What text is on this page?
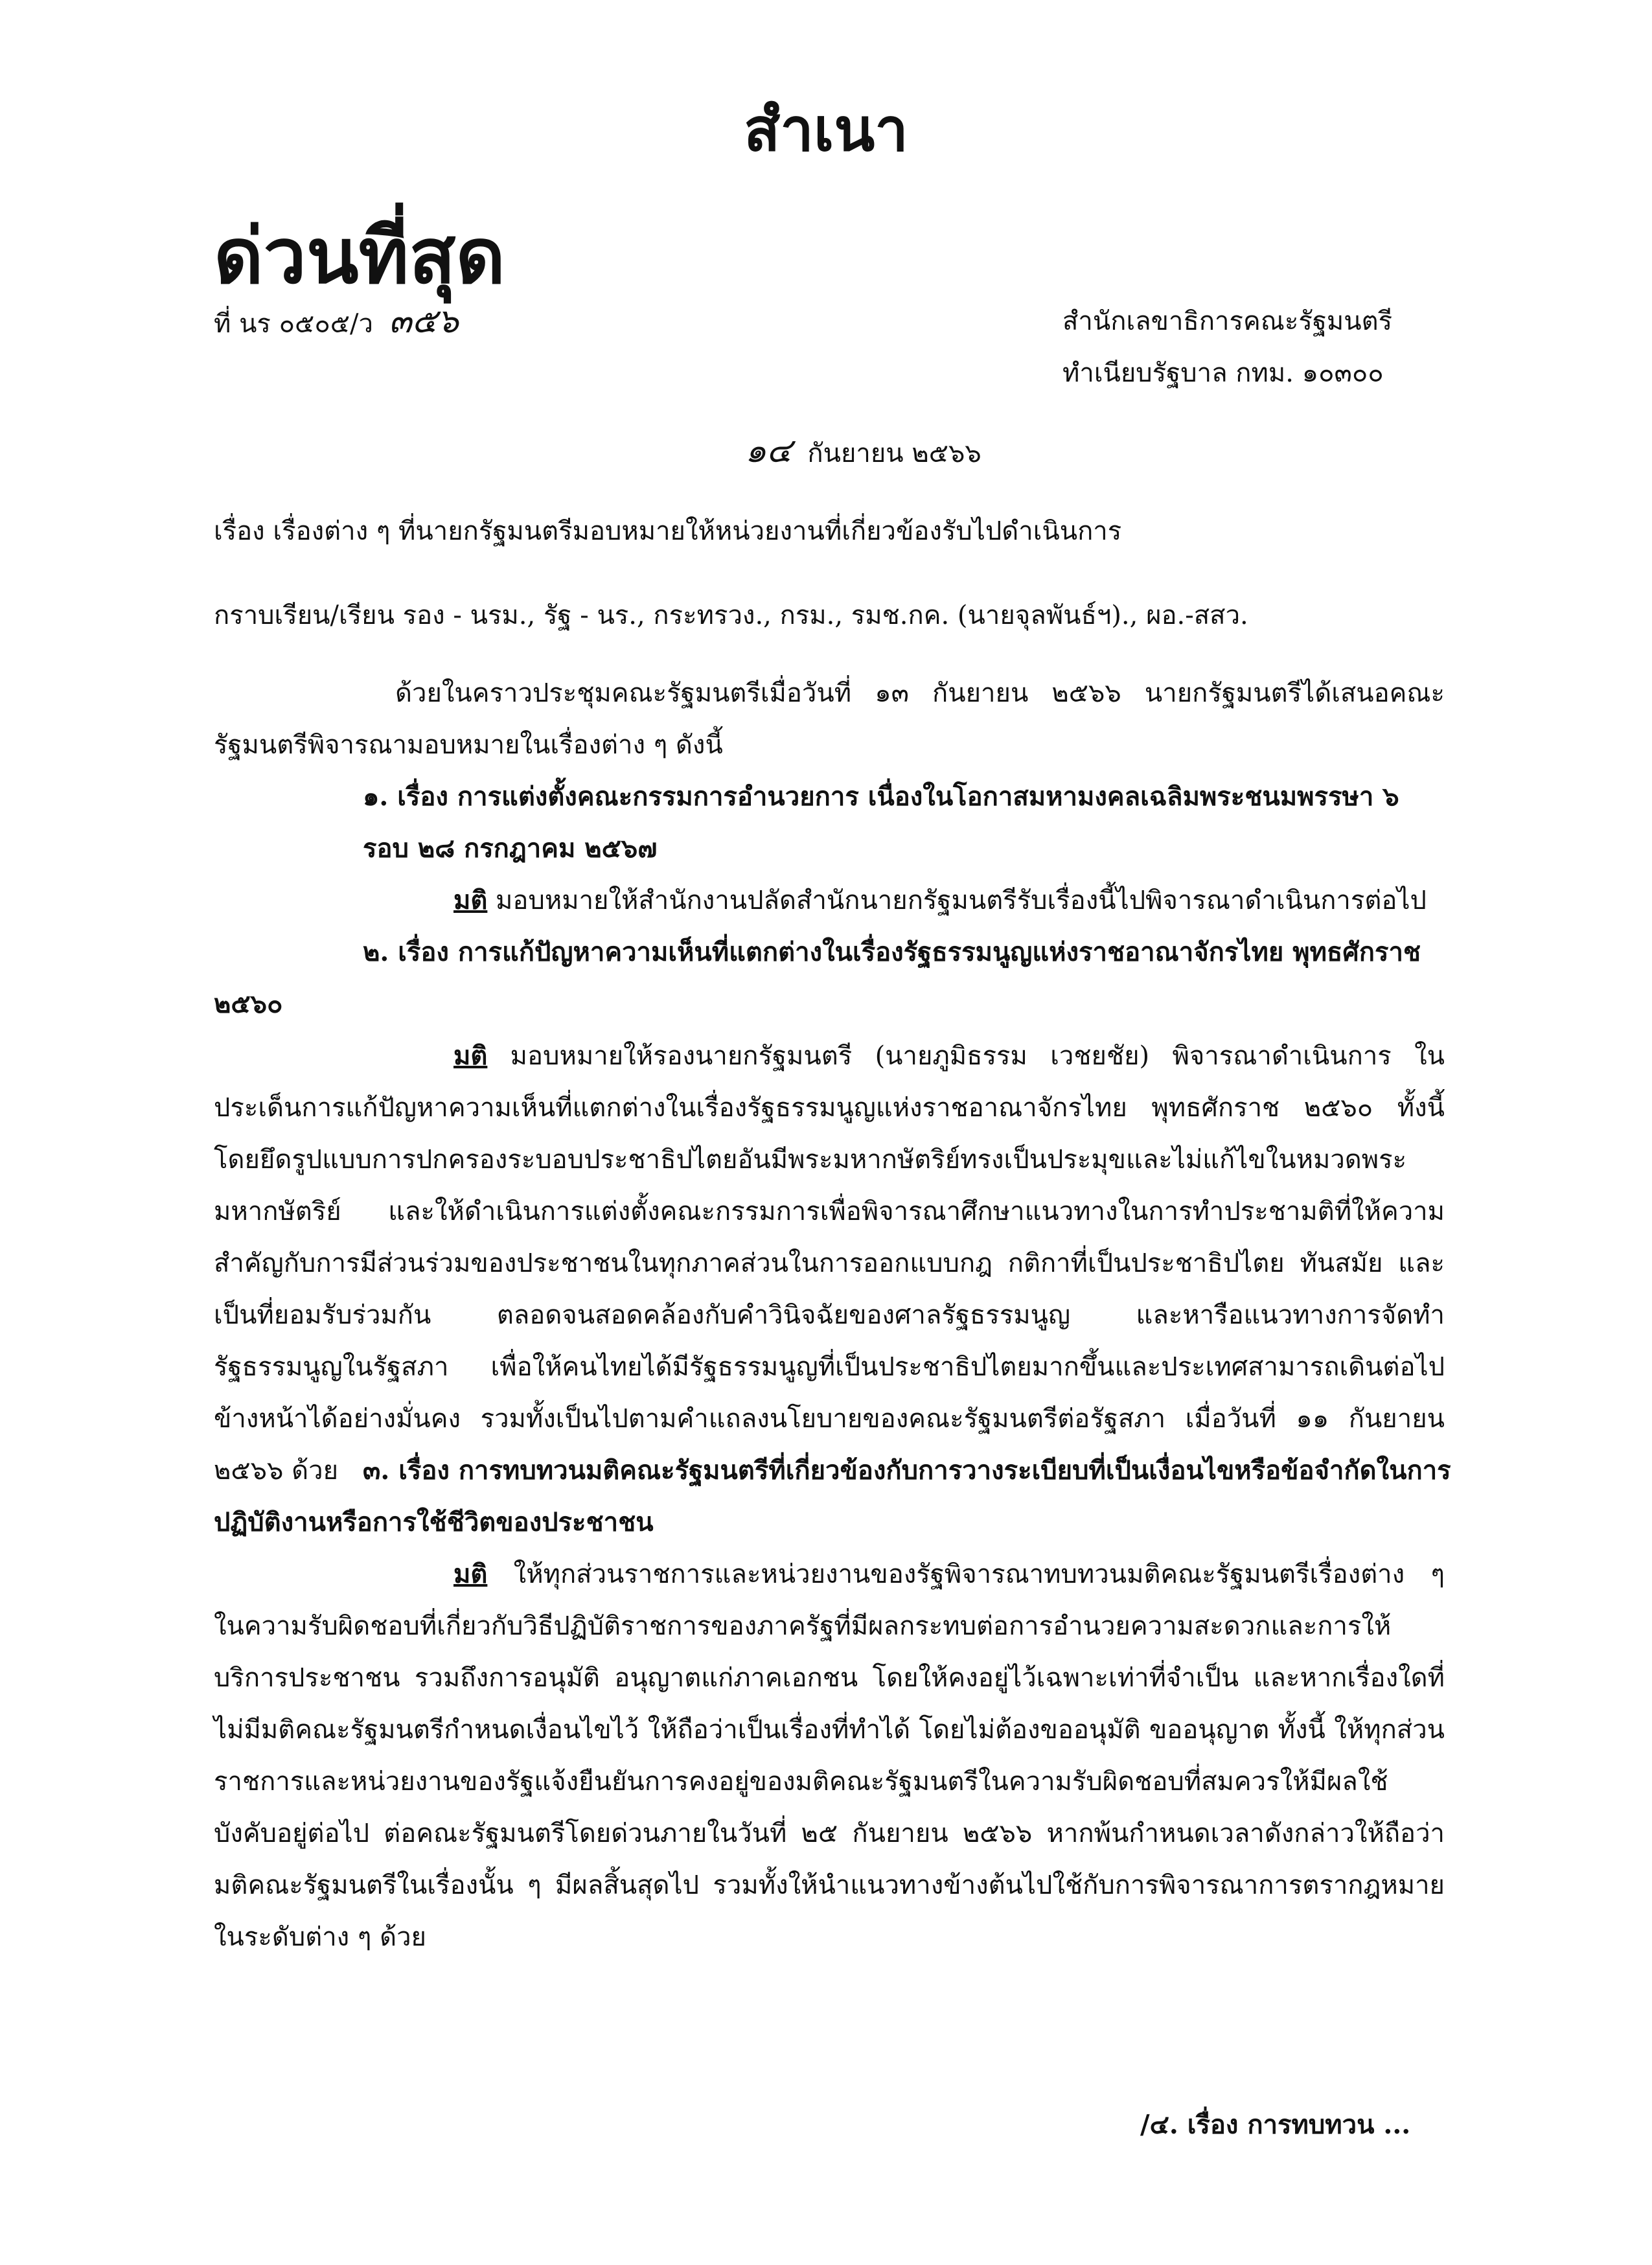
สำเนา
ด่วนที่สุด
ที่ นร ๐๕๐๕/ว ๓๕๖	สำนักเลขาธิการคณะรัฐมนตรี
ทำเนียบรัฐบาล กทม. ๑๐๓๐๐
๑๔ กันยายน ๒๕๖๖
เรื่อง เรื่องต่าง ๆ ที่นายกรัฐมนตรีมอบหมายให้หน่วยงานที่เกี่ยวข้องรับไปดำเนินการ
กราบเรียน/เรียน รอง - นรม., รัฐ - นร., กระทรวง., กรม., รมช.กค. (นายจุลพันธ์ฯ)., ผอ.-สสว.
ด้วยในคราวประชุมคณะรัฐมนตรีเมื่อวันที่ ๑๓ กันยายน ๒๕๖๖ นายกรัฐมนตรีได้เสนอคณะรัฐมนตรีพิจารณามอบหมายในเรื่องต่าง ๆ ดังนี้
๑. เรื่อง การแต่งตั้งคณะกรรมการอำนวยการ เนื่องในโอกาสมหามงคลเฉลิมพระชนมพรรษา ๖ รอบ ๒๘ กรกฎาคม ๒๕๖๗
มติ มอบหมายให้สำนักงานปลัดสำนักนายกรัฐมนตรีรับเรื่องนี้ไปพิจารณาดำเนินการต่อไป
๒. เรื่อง การแก้ปัญหาความเห็นที่แตกต่างในเรื่องรัฐธรรมนูญแห่งราชอาณาจักรไทย พุทธศักราช ๒๕๖๐
มติ มอบหมายให้รองนายกรัฐมนตรี (นายภูมิธรรม เวชยชัย) พิจารณาดำเนินการ ในประเด็นการแก้ปัญหาความเห็นที่แตกต่างในเรื่องรัฐธรรมนูญแห่งราชอาณาจักรไทย พุทธศักราช ๒๕๖๐ ทั้งนี้ โดยยึดรูปแบบการปกครองระบอบประชาธิปไตยอันมีพระมหากษัตริย์ทรงเป็นประมุขและไม่แก้ไขในหมวดพระมหากษัตริย์ และให้ดำเนินการแต่งตั้งคณะกรรมการเพื่อพิจารณาศึกษาแนวทางในการทำประชามติที่ให้ความสำคัญกับการมีส่วนร่วมของประชาชนในทุกภาคส่วนในการออกแบบกฎ กติกาที่เป็นประชาธิปไตย ทันสมัย และเป็นที่ยอมรับร่วมกัน ตลอดจนสอดคล้องกับคำวินิจฉัยของศาลรัฐธรรมนูญ และหารือแนวทางการจัดทำรัฐธรรมนูญในรัฐสภา เพื่อให้คนไทยได้มีรัฐธรรมนูญที่เป็นประชาธิปไตยมากขึ้นและประเทศสามารถเดินต่อไปข้างหน้าได้อย่างมั่นคง รวมทั้งเป็นไปตามคำแถลงนโยบายของคณะรัฐมนตรีต่อรัฐสภา เมื่อวันที่ ๑๑ กันยายน ๒๕๖๖ ด้วย ๓. เรื่อง การทบทวนมติคณะรัฐมนตรีที่เกี่ยวข้องกับการวางระเบียบที่เป็นเงื่อนไขหรือข้อจำกัดในการปฏิบัติงานหรือการใช้ชีวิตของประชาชน
มติ ให้ทุกส่วนราชการและหน่วยงานของรัฐพิจารณาทบทวนมติคณะรัฐมนตรีเรื่องต่าง ๆ ในความรับผิดชอบที่เกี่ยวกับวิธีปฏิบัติราชการของภาครัฐที่มีผลกระทบต่อการอำนวยความสะดวกและการให้บริการประชาชน รวมถึงการอนุมัติ อนุญาตแก่ภาคเอกชน โดยให้คงอยู่ไว้เฉพาะเท่าที่จำเป็น และหากเรื่องใดที่ไม่มีมติคณะรัฐมนตรีกำหนดเงื่อนไขไว้ ให้ถือว่าเป็นเรื่องที่ทำได้ โดยไม่ต้องขออนุมัติ ขออนุญาต ทั้งนี้ ให้ทุกส่วนราชการและหน่วยงานของรัฐแจ้งยืนยันการคงอยู่ของมติคณะรัฐมนตรีในความรับผิดชอบที่สมควรให้มีผลใช้บังคับอยู่ต่อไป ต่อคณะรัฐมนตรีโดยด่วนภายในวันที่ ๒๕ กันยายน ๒๕๖๖ หากพ้นกำหนดเวลาดังกล่าวให้ถือว่ามติคณะรัฐมนตรีในเรื่องนั้น ๆ มีผลสิ้นสุดไป รวมทั้งให้นำแนวทางข้างต้นไปใช้กับการพิจารณาการตรากฎหมายในระดับต่าง ๆ ด้วย
/๔. เรื่อง การทบทวน ...
